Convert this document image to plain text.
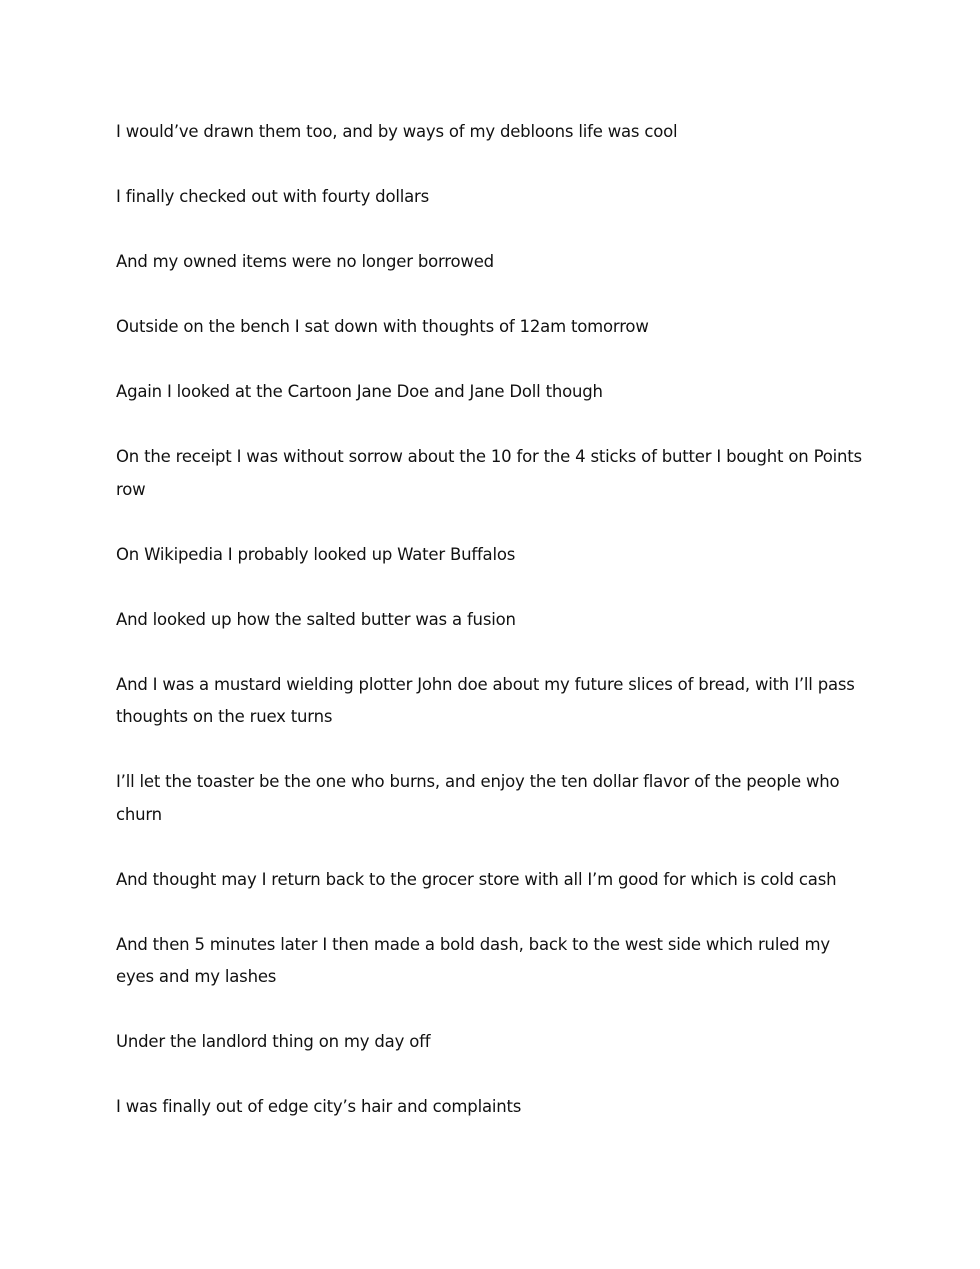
I would’ve drawn them too, and by ways of my debloons life was cool

I finally checked out with fourty dollars

And my owned items were no longer borrowed

Outside on the bench I sat down with thoughts of 12am tomorrow

Again I looked at the Cartoon Jane Doe and Jane Doll though

On the receipt I was without sorrow about the 10 for the 4 sticks of butter I bought on Points row

On Wikipedia I probably looked up Water Buffalos

And looked up how the salted butter was a fusion

And I was a mustard wielding plotter John doe about my future slices of bread, with I’ll pass thoughts on the ruex turns

I’ll let the toaster be the one who burns, and enjoy the ten dollar flavor of the people who churn

And thought may I return back to the grocer store with all I’m good for which is cold cash

And then 5 minutes later I then made a bold dash, back to the west side which ruled my eyes and my lashes

Under the landlord thing on my day off

I was finally out of edge city’s hair and complaints
